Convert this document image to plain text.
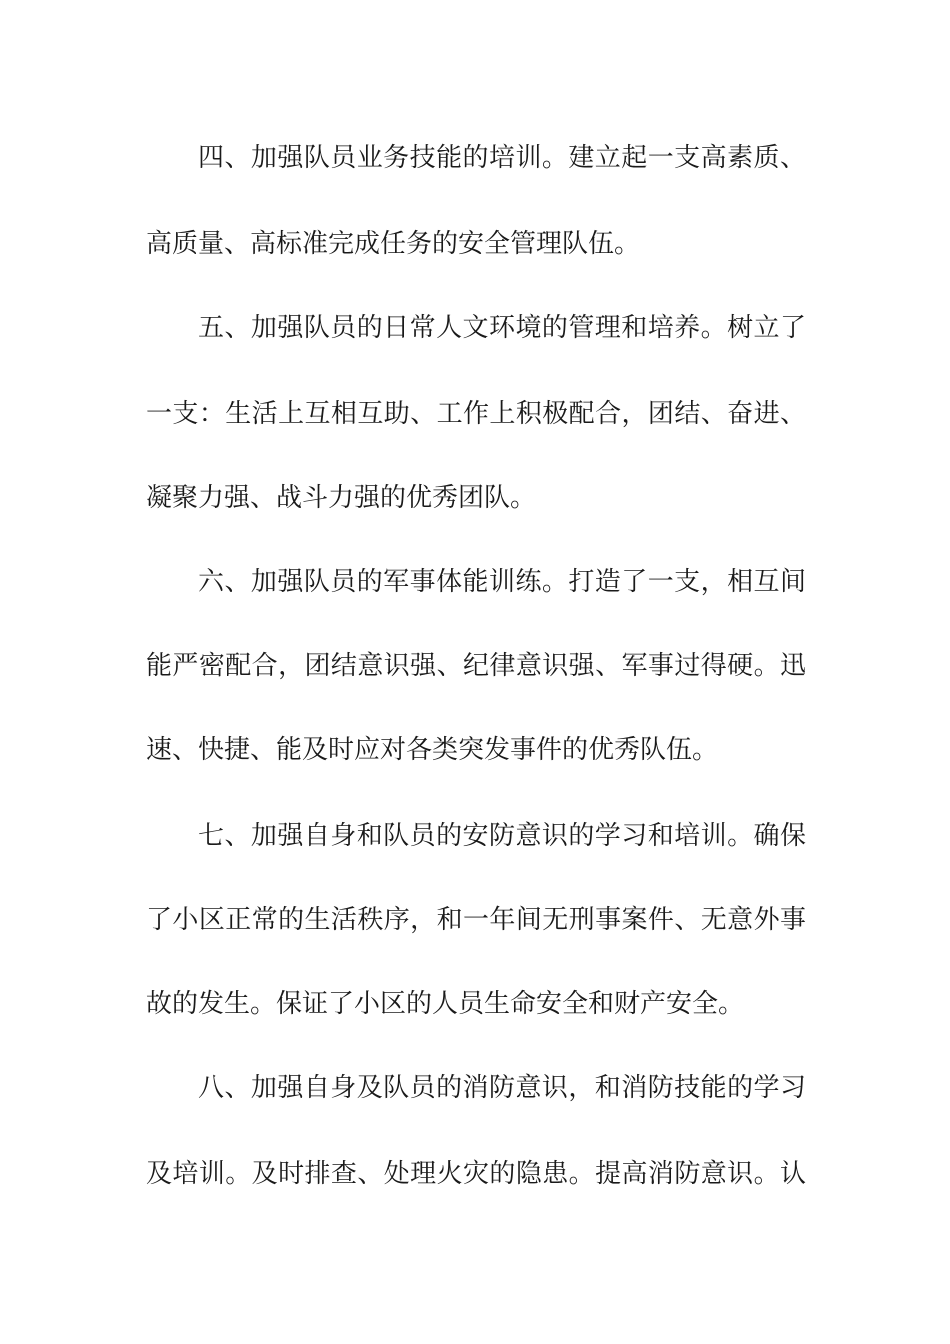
四、加强队员业务技能的培训。建立起一支高素质、
高质量、高标准完成任务的安全管理队伍。
五、加强队员的日常人文环境的管理和培养。树立了
一支：生活上互相互助、工作上积极配合，团结、奋进、
凝聚力强、战斗力强的优秀团队。
六、加强队员的军事体能训练。打造了一支，相互间
能严密配合，团结意识强、纪律意识强、军事过得硬。迅
速、快捷、能及时应对各类突发事件的优秀队伍。
七、加强自身和队员的安防意识的学习和培训。确保
了小区正常的生活秩序，和一年间无刑事案件、无意外事
故的发生。保证了小区的人员生命安全和财产安全。
八、加强自身及队员的消防意识，和消防技能的学习
及培训。及时排查、处理火灾的隐患。提高消防意识。认
